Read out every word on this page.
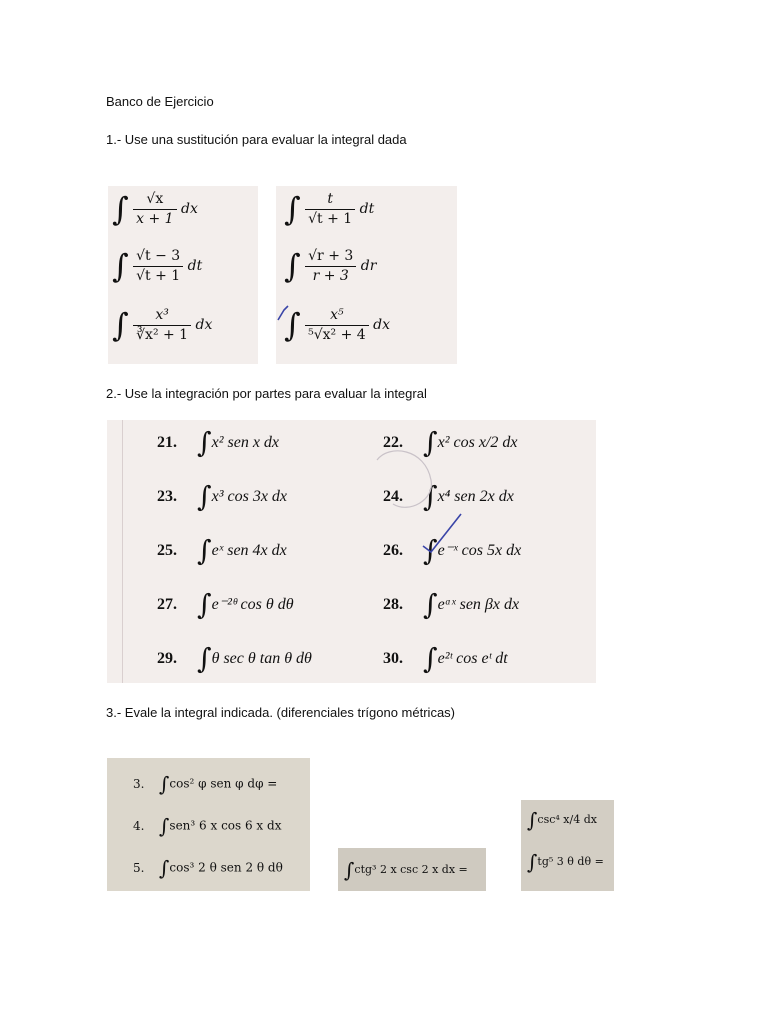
Banco de Ejercicio
1.- Use una sustitución para evaluar la integral dada
2.- Use la integración por partes para evaluar la integral
3.- Evale la integral indicada. (diferenciales trígono métricas)
∫ $\frac{√x}{x + 1}$ dx
∫ $\frac{√t - 3}{√t + 1}$ dt
∫ $\frac{\text{x³}}{\text{∛x² + 1}}$ dx
∫ $\frac{t}{√t + 1}$ dt
∫ $\frac{√r + 3}{r + 3}$ dr
∫ $\frac{\text{x⁵}}{\text{⁵√x² + 4}}$ dx
21. ∫x² sen x dx	22. ∫x² cos x/2 dx
23. ∫x³ cos 3x dx	24. ∫x⁴ sen 2x dx
25. ∫eˣ sen 4x dx	26. ∫e⁻ˣ cos 5x dx
27. ∫e⁻²ᶿ cos θ dθ	28. ∫eᵅˣ sen βx dx
29. ∫θ sec θ tan θ dθ	30. ∫e²ᵗ cos eᵗ dt
3. ∫cos² φ sen φ dφ =
4. ∫sen³ 6 x cos 6 x dx
5. ∫cos³ 2 θ sen 2 θ dθ	∫ctg³ 2 x csc 2 x dx =
∫csc⁴ x/4 dx
∫tg⁵ 3 θ dθ =
